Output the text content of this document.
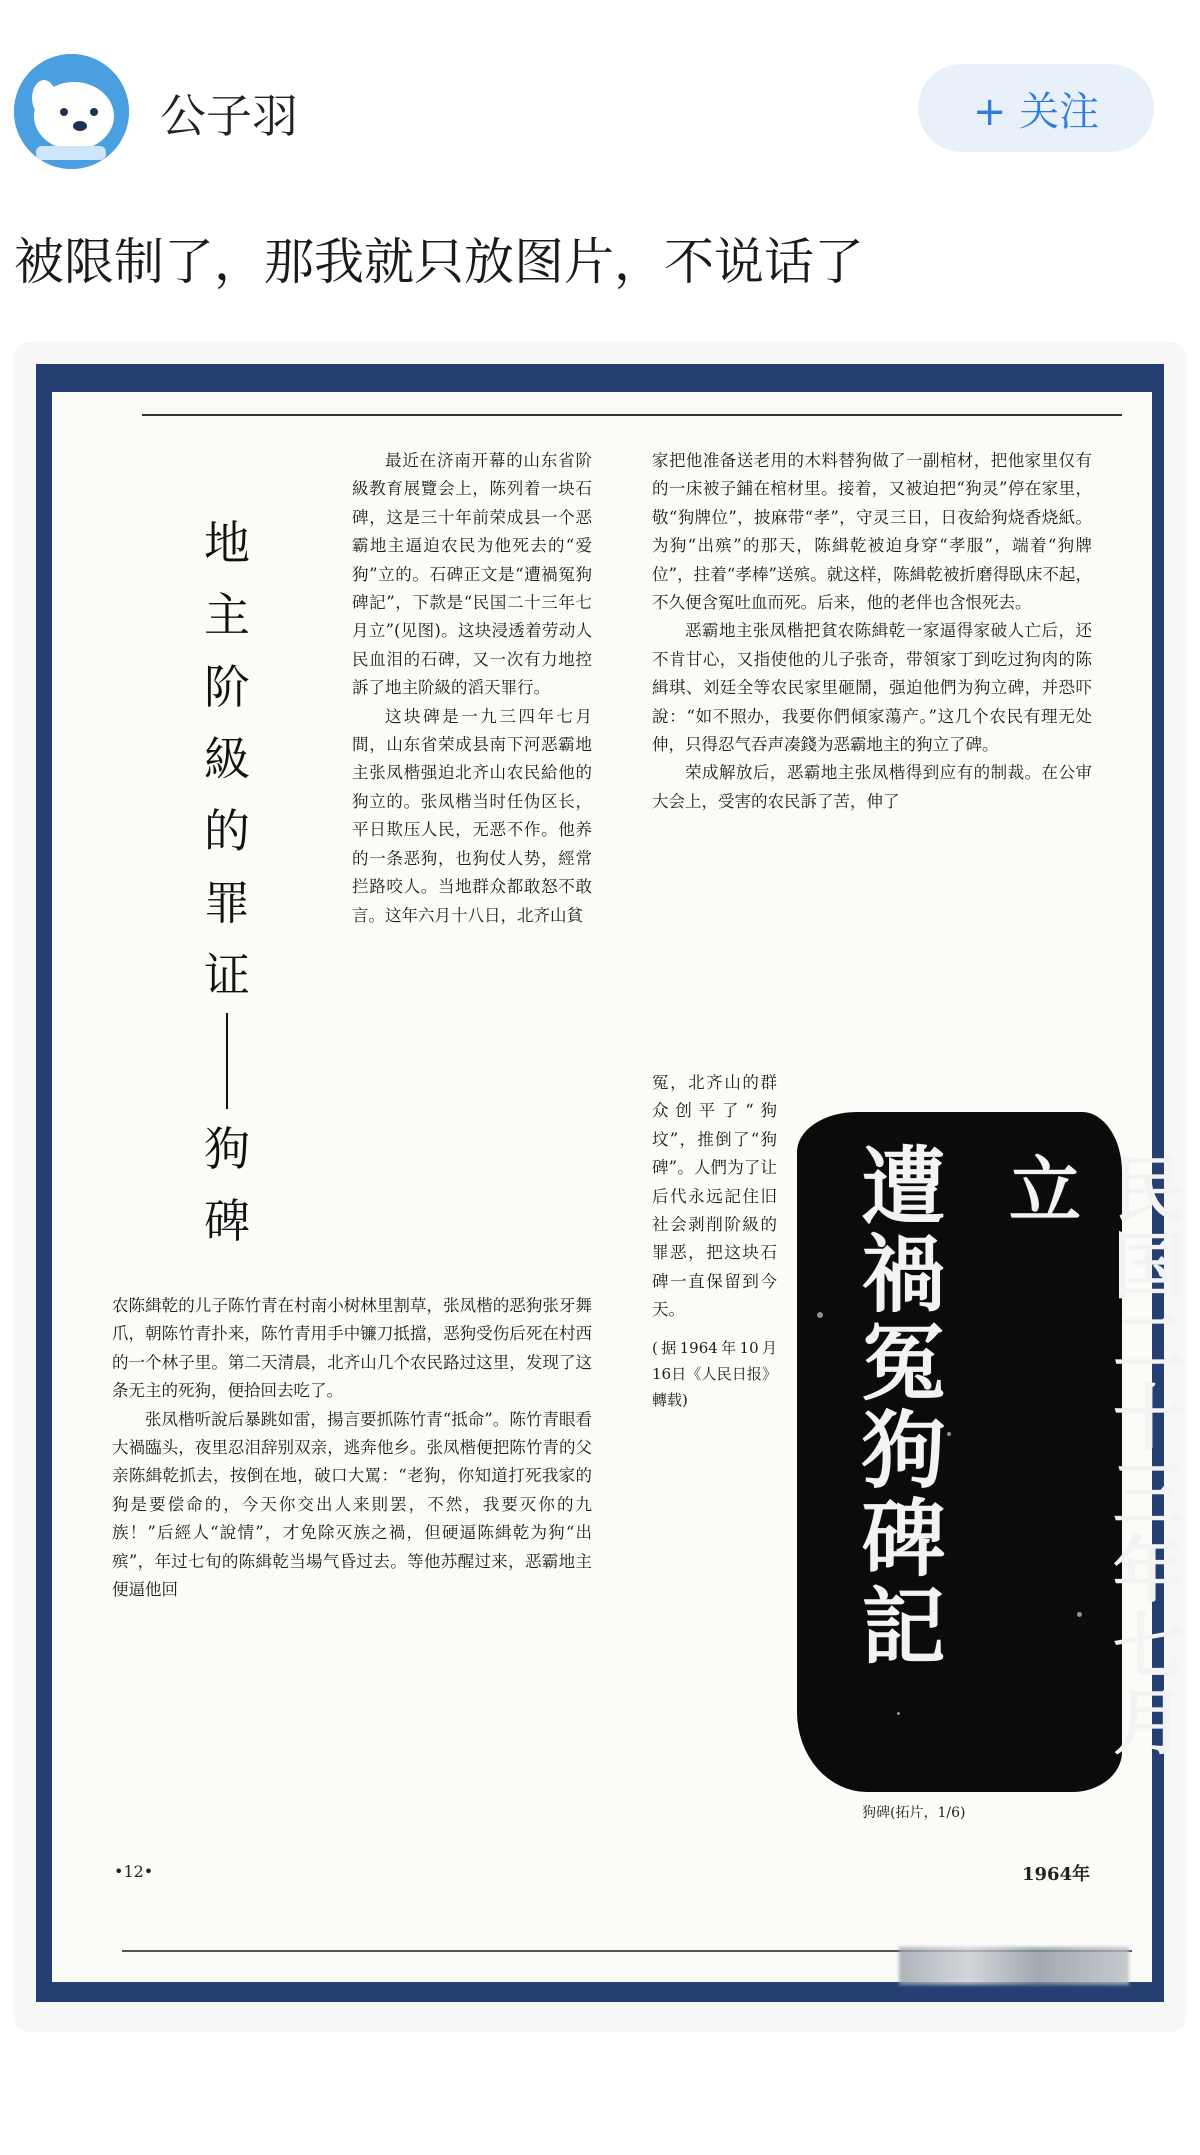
公子羽	+ 关注
被限制了，那我就只放图片，不说话了
地
主
阶
級
的
罪
证
狗
碑

最近在济南开幕的山东省阶級教育展覽会上，陈列着一块石碑，这是三十年前荣成县一个恶霸地主逼迫农民为他死去的“爱狗”立的。石碑正文是“遭禍冤狗碑記”，下款是“民国二十三年七月立”(见图)。这块浸透着劳动人民血泪的石碑，又一次有力地控訴了地主阶級的滔天罪行。

这块碑是一九三四年七月間，山东省荣成县南下河恶霸地主张凤楷强迫北齐山农民給他的狗立的。张凤楷当时任伪区长，平日欺压人民，无恶不作。他养的一条恶狗，也狗仗人势，經常拦路咬人。当地群众都敢怒不敢言。这年六月十八日，北齐山貧

农陈緝乾的儿子陈竹青在村南小树林里割草，张凤楷的恶狗张牙舞爪，朝陈竹青扑来，陈竹青用手中镰刀抵擋，恶狗受伤后死在村西的一个林子里。第二天清晨，北齐山几个农民路过这里，发现了这条无主的死狗，便拾回去吃了。

张凤楷听說后暴跳如雷，揚言要抓陈竹青“抵命”。陈竹青眼看大禍臨头，夜里忍泪辞别双亲，逃奔他乡。张凤楷便把陈竹青的父亲陈緝乾抓去，按倒在地，破口大罵：“老狗，你知道打死我家的狗是要偿命的，今天你交出人来則罢，不然，我要灭你的九族！”后經人“說情”，才免除灭族之禍，但硬逼陈緝乾为狗“出殡”，年过七旬的陈緝乾当場气昏过去。等他苏醒过来，恶霸地主便逼他回

家把他准备送老用的木料替狗做了一副棺材，把他家里仅有的一床被子鋪在棺材里。接着，又被迫把“狗灵”停在家里，敬“狗牌位”，披麻带“孝”，守灵三日，日夜給狗烧香烧紙。为狗“出殡”的那天，陈緝乾被迫身穿“孝服”，端着“狗牌位”，拄着“孝棒”送殡。就这样，陈緝乾被折磨得臥床不起，不久便含冤吐血而死。后来，他的老伴也含恨死去。

恶霸地主张凤楷把貧农陈緝乾一家逼得家破人亡后，还不肯甘心，又指使他的儿子张奇，带領家丁到吃过狗肉的陈緝琪、刘廷全等农民家里砸鬧，强迫他們为狗立碑，并恐吓說：“如不照办，我要你們傾家蕩产。”这几个农民有理无处伸，只得忍气吞声凑錢为恶霸地主的狗立了碑。

荣成解放后，恶霸地主张凤楷得到应有的制裁。在公审大会上，受害的农民訴了苦，伸了

冤，北齐山的群众创平了“狗坟”，推倒了“狗碑”。人們为了让后代永远記住旧社会剥削阶級的罪恶，把这块石碑一直保留到今天。

(据1964年10月16日《人民日报》轉载)	遭禍冤狗碑記	民国二十三年七月立
狗碑(拓片，1/6)
•12•	1964年
